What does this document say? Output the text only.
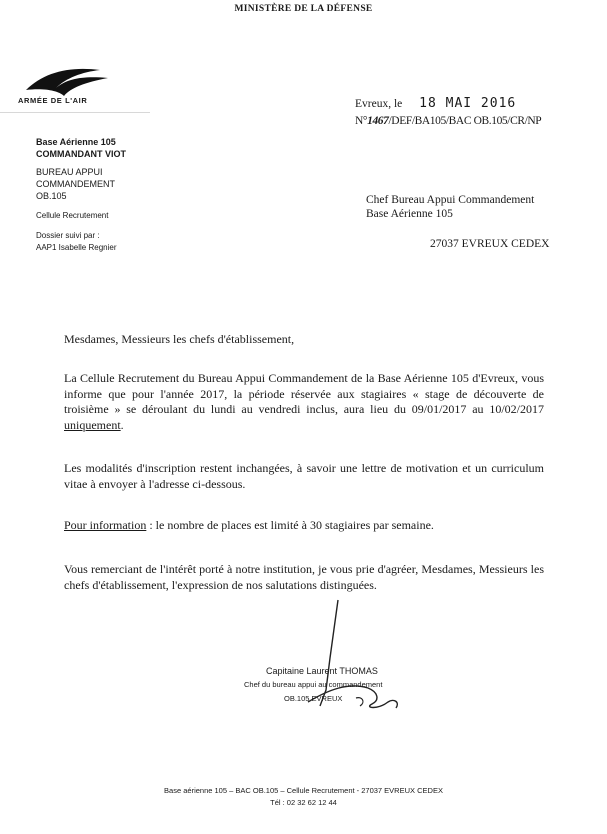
MINISTÈRE DE LA DÉFENSE
ARMÉE DE L'AIR
Base Aérienne 105
COMMANDANT VIOT
BUREAU APPUI
COMMANDEMENT
OB.105
Cellule Recrutement
Dossier suivi par :
AAP1 Isabelle Regnier
Evreux, le 18 MAI 2016
N°1467/DEF/BA105/BAC OB.105/CR/NP
Chef Bureau Appui Commandement
Base Aérienne 105
27037 EVREUX CEDEX
Mesdames, Messieurs les chefs d'établissement,
La Cellule Recrutement du Bureau Appui Commandement de la Base Aérienne 105 d'Evreux, vous informe que pour l'année 2017, la période réservée aux stagiaires « stage de découverte de troisième » se déroulant du lundi au vendredi inclus, aura lieu du 09/01/2017 au 10/02/2017 uniquement.
Les modalités d'inscription restent inchangées, à savoir une lettre de motivation et un curriculum vitae à envoyer à l'adresse ci-dessous.
Pour information : le nombre de places est limité à 30 stagiaires par semaine.
Vous remerciant de l'intérêt porté à notre institution, je vous prie d'agréer, Mesdames, Messieurs les chefs d'établissement, l'expression de nos salutations distinguées.
Capitaine Laurent THOMAS
Chef du bureau appui au commandement
OB.105 EVREUX
Base aérienne 105 – BAC OB.105 – Cellule Recrutement - 27037 EVREUX CEDEX
Tél : 02 32 62 12 44
